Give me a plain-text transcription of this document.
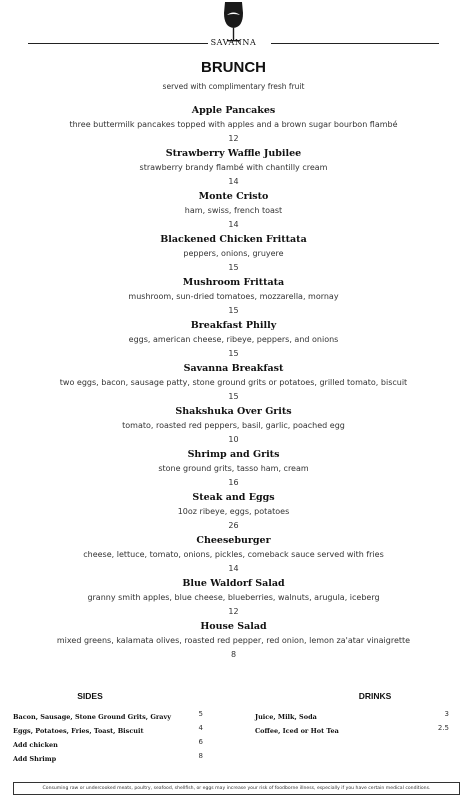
SAVANNA
BRUNCH
served with complimentary fresh fruit
Apple Pancakes
three buttermilk pancakes topped with apples and a brown sugar bourbon flambé
12
Strawberry Waffle Jubilee
strawberry brandy flambé with chantilly cream
14
Monte Cristo
ham, swiss, french toast
14
Blackened Chicken Frittata
peppers, onions, gruyere
15
Mushroom Frittata
mushroom, sun-dried tomatoes, mozzarella, mornay
15
Breakfast Philly
eggs, american cheese, ribeye, peppers, and onions
15
Savanna Breakfast
two eggs, bacon, sausage patty, stone ground grits or potatoes, grilled tomato, biscuit
15
Shakshuka Over Grits
tomato, roasted red peppers, basil, garlic, poached egg
10
Shrimp and Grits
stone ground grits, tasso ham, cream
16
Steak and Eggs
10oz ribeye, eggs, potatoes
26
Cheeseburger
cheese, lettuce, tomato, onions, pickles, comeback sauce served with fries
14
Blue Waldorf Salad
granny smith apples, blue cheese, blueberries, walnuts, arugula, iceberg
12
House Salad
mixed greens, kalamata olives, roasted red pepper, red onion, lemon za'atar vinaigrette
8
SIDES
Bacon, Sausage, Stone Ground Grits, Gravy	5
Eggs, Potatoes, Fries, Toast, Biscuit	4
Add chicken	6
Add Shrimp	8
DRINKS
Juice, Milk, Soda	3
Coffee, Iced or Hot Tea	2.5
Consuming raw or undercooked meats, poultry, seafood, shellfish, or eggs may increase your risk of foodborne illness, especially if you have certain medical conditions.
